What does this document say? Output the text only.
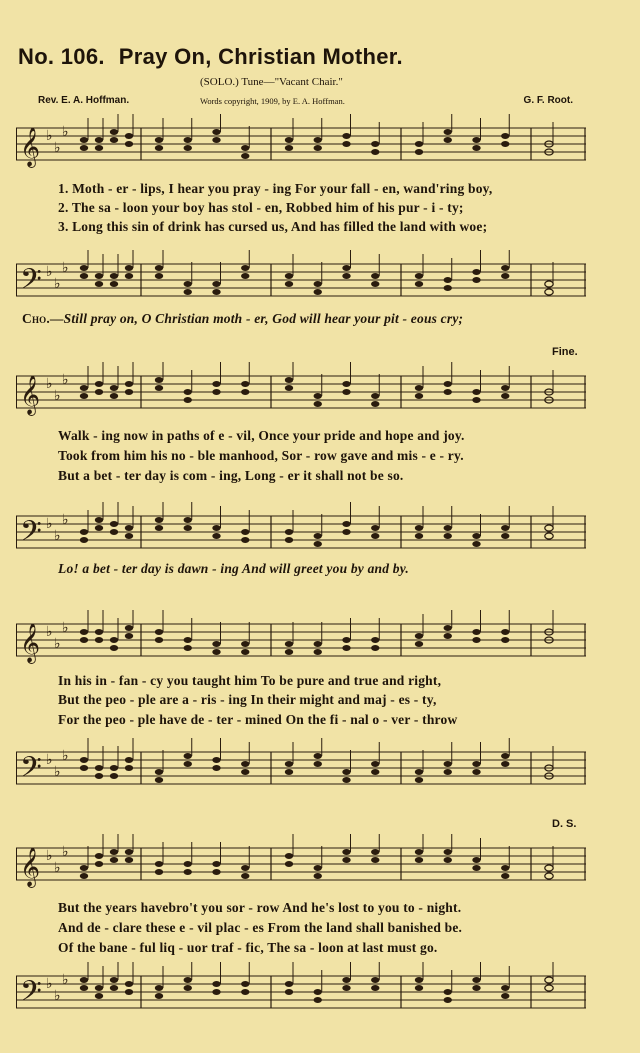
No. 106. Pray On, Christian Mother.
(SOLO.) Tune—"Vacant Chair."
Rev. E. A. Hoffman.	Words copyright, 1909, by E. A. Hoffman.	G. F. Root.
𝄞 ♭
♭
♭
1. Moth - er - lips, I hear you pray - ing For your fall - en, wand'ring boy,
2. The sa - loon your boy has stol - en, Robbed him of his pur - i - ty;
3. Long this sin of drink has cursed us, And has filled the land with woe;
𝄢 ♭
♭
♭
Cho.—Still pray on, O Christian moth - er, God will hear your pit - eous cry;
Fine.
𝄞 ♭
♭
♭
Walk - ing now in paths of e - vil, Once your pride and hope and joy.
Took from him his no - ble manhood, Sor - row gave and mis - e - ry.
But a bet - ter day is com - ing, Long - er it shall not be so.
𝄢 ♭
♭
♭
Lo! a bet - ter day is dawn - ing And will greet you by and by.
𝄞 ♭
♭
♭
In his in - fan - cy you taught him To be pure and true and right,
But the peo - ple are a - ris - ing In their might and maj - es - ty,
For the peo - ple have de - ter - mined On the fi - nal o - ver - throw
𝄢 ♭
♭
♭
D. S.
𝄞 ♭
♭
♭
But the years havebro't you sor - row And he's lost to you to - night.
And de - clare these e - vil plac - es From the land shall banished be.
Of the bane - ful liq - uor traf - fic, The sa - loon at last must go.
𝄢 ♭
♭
♭
